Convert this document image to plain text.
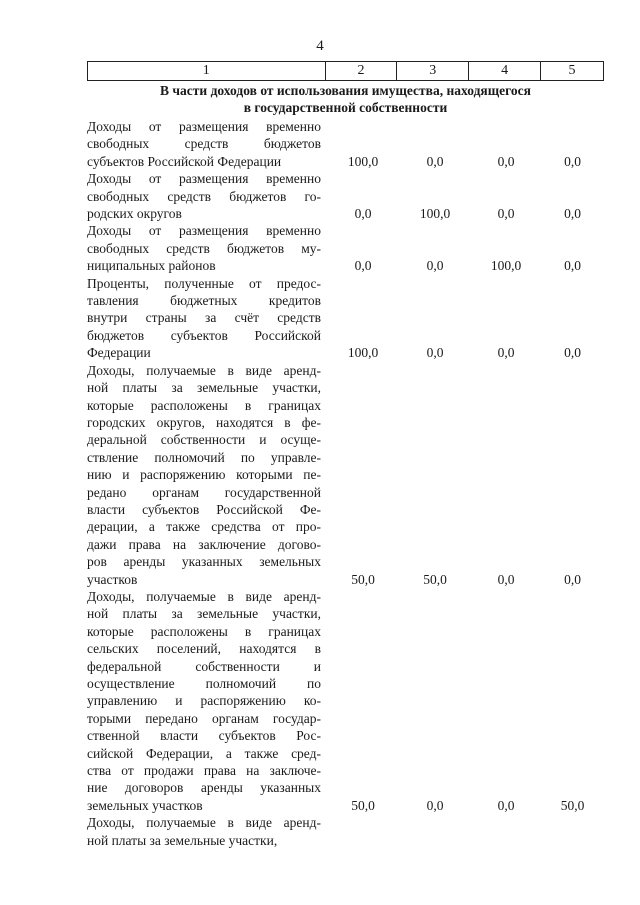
4
1	2	3	4	5
В части доходов от использования имущества, находящегося
в государственной собственности
Доходы от размещения временно
свободных средств бюджетов
субъектов Российской Федерации	100,0	0,0	0,0	0,0
Доходы от размещения временно
свободных средств бюджетов го-
родских округов	0,0	100,0	0,0	0,0
Доходы от размещения временно
свободных средств бюджетов му-
ниципальных районов	0,0	0,0	100,0	0,0
Проценты, полученные от предос-
тавления бюджетных кредитов
внутри страны за счёт средств
бюджетов субъектов Российской
Федерации	100,0	0,0	0,0	0,0
Доходы, получаемые в виде аренд-
ной платы за земельные участки,
которые расположены в границах
городских округов, находятся в фе-
деральной собственности и осуще-
ствление полномочий по управле-
нию и распоряжению которыми пе-
редано органам государственной
власти субъектов Российской Фе-
дерации, а также средства от про-
дажи права на заключение догово-
ров аренды указанных земельных
участков	50,0	50,0	0,0	0,0
Доходы, получаемые в виде аренд-
ной платы за земельные участки,
которые расположены в границах
сельских поселений, находятся в
федеральной собственности и
осуществление полномочий по
управлению и распоряжению ко-
торыми передано органам государ-
ственной власти субъектов Рос-
сийской Федерации, а также сред-
ства от продажи права на заключе-
ние договоров аренды указанных
земельных участков	50,0	0,0	0,0	50,0
Доходы, получаемые в виде аренд-
ной платы за земельные участки,
